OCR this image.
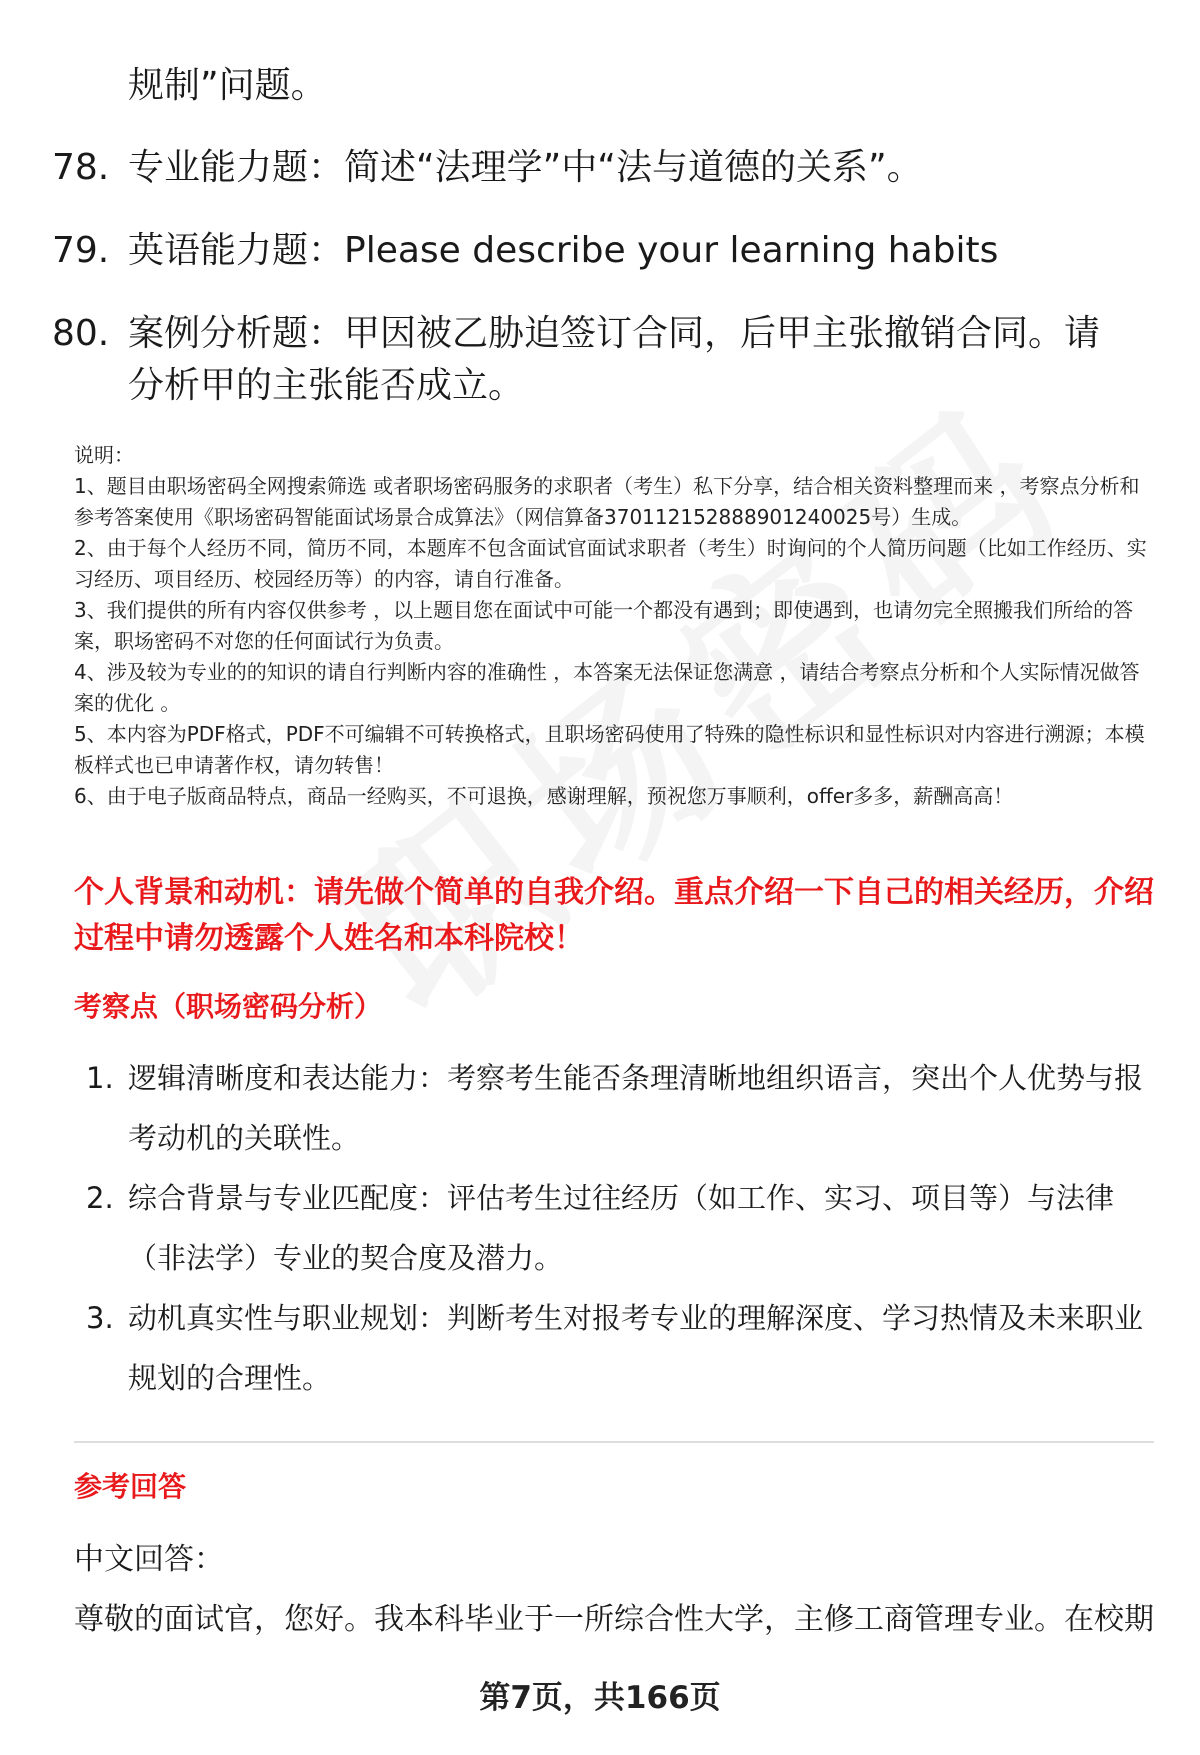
规制”问题。
78. 专业能力题：简述“法理学”中“法与道德的关系”。
79. 英语能力题：Please describe your learning habits
80. 案例分析题：甲因被乙胁迫签订合同，后甲主张撤销合同。请分析甲的主张能否成立。

说明：

1、题目由职场密码全网搜索筛选 或者职场密码服务的求职者（考生）私下分享，结合相关资料整理而来 ，考察点分析和参考答案使用《职场密码智能面试场景合成算法》（网信算备370112152888901240025号）生成。

2、由于每个人经历不同，简历不同，本题库不包含面试官面试求职者（考生）时询问的个人简历问题（比如工作经历、实习经历、项目经历、校园经历等）的内容，请自行准备。

3、我们提供的所有内容仅供参考 ，以上题目您在面试中可能一个都没有遇到；即使遇到，也请勿完全照搬我们所给的答案，职场密码不对您的任何面试行为负责。

4、涉及较为专业的的知识的请自行判断内容的准确性 ，本答案无法保证您满意 ，请结合考察点分析和个人实际情况做答案的优化 。

5、本内容为PDF格式，PDF不可编辑不可转换格式，且职场密码使用了特殊的隐性标识和显性标识对内容进行溯源；本模板样式也已申请著作权，请勿转售！

6、由于电子版商品特点，商品一经购买，不可退换，感谢理解，预祝您万事顺利，offer多多，薪酬高高！

个人背景和动机：请先做个简单的自我介绍。重点介绍一下自己的相关经历，介绍过程中请勿透露个人姓名和本科院校！
考察点（职场密码分析）
1. 逻辑清晰度和表达能力：考察考生能否条理清晰地组织语言，突出个人优势与报考动机的关联性。
2. 综合背景与专业匹配度：评估考生过往经历（如工作、实习、项目等）与法律（非法学）专业的契合度及潜力。
3. 动机真实性与职业规划：判断考生对报考专业的理解深度、学习热情及未来职业规划的合理性。
参考回答
中文回答：
尊敬的面试官，您好。我本科毕业于一所综合性大学，主修工商管理专业。在校期
第7页，共166页
